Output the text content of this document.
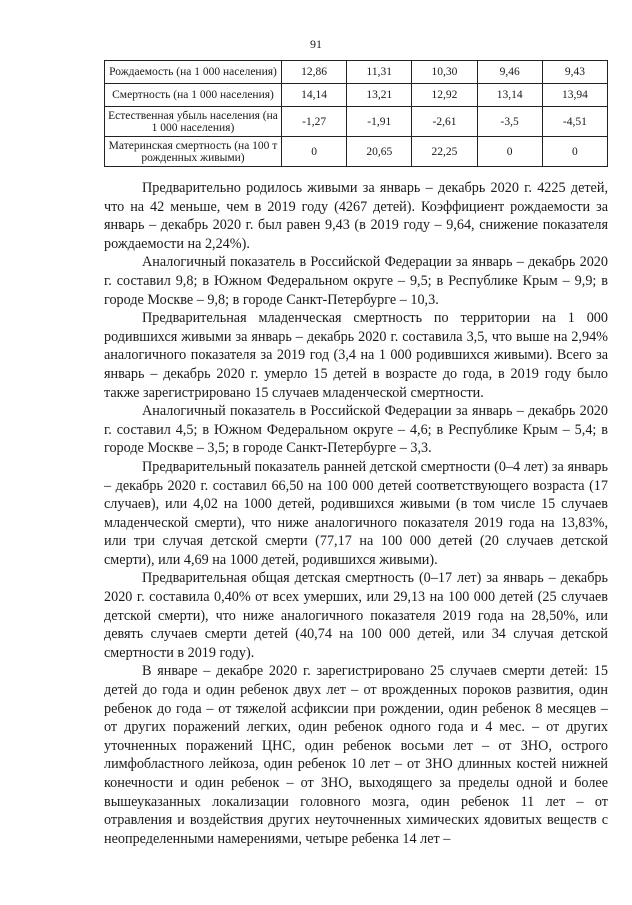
91
Рождаемость (на 1 000 населения)	12,86	11,31	10,30	9,46	9,43
Смертность (на 1 000 населения)	14,14	13,21	12,92	13,14	13,94
Естественная убыль населения (на 1 000 населения)	-1,27	-1,91	-2,61	-3,5	-4,51
Материнская смертность (на 100 т рожденных живыми)	0	20,65	22,25	0	0

Предварительно родилось живыми за январь – декабрь 2020 г. 4225 детей, что на 42 меньше, чем в 2019 году (4267 детей). Коэффициент рождаемости за январь – декабрь 2020 г. был равен 9,43 (в 2019 году – 9,64, снижение показателя рождаемости на 2,24%).

Аналогичный показатель в Российской Федерации за январь – декабрь 2020 г. составил 9,8; в Южном Федеральном округе – 9,5; в Республике Крым – 9,9; в городе Москве – 9,8; в городе Санкт-Петербурге – 10,3.

Предварительная младенческая смертность по территории на 1 000 родившихся живыми за январь – декабрь 2020 г. составила 3,5, что выше на 2,94% аналогичного показателя за 2019 год (3,4 на 1 000 родившихся живыми). Всего за январь – декабрь 2020 г. умерло 15 детей в возрасте до года, в 2019 году было также зарегистрировано 15 случаев младенческой смертности.

Аналогичный показатель в Российской Федерации за январь – декабрь 2020 г. составил 4,5; в Южном Федеральном округе – 4,6; в Республике Крым – 5,4; в городе Москве – 3,5; в городе Санкт-Петербурге – 3,3.

Предварительный показатель ранней детской смертности (0–4 лет) за январь – декабрь 2020 г. составил 66,50 на 100 000 детей соответствующего возраста (17 случаев), или 4,02 на 1000 детей, родившихся живыми (в том числе 15 случаев младенческой смерти), что ниже аналогичного показателя 2019 года на 13,83%, или три случая детской смерти (77,17 на 100 000 детей (20 случаев детской смерти), или 4,69 на 1000 детей, родившихся живыми).

Предварительная общая детская смертность (0–17 лет) за январь – декабрь 2020 г. составила 0,40% от всех умерших, или 29,13 на 100 000 детей (25 случаев детской смерти), что ниже аналогичного показателя 2019 года на 28,50%, или девять случаев смерти детей (40,74 на 100 000 детей, или 34 случая детской смертности в 2019 году).

В январе – декабре 2020 г. зарегистрировано 25 случаев смерти детей: 15 детей до года и один ребенок двух лет – от врожденных пороков развития, один ребенок до года – от тяжелой асфиксии при рождении, один ребенок 8 месяцев – от других поражений легких, один ребенок одного года и 4 мес. – от других уточненных поражений ЦНС, один ребенок восьми лет – от ЗНО, острого лимфобластного лейкоза, один ребенок 10 лет – от ЗНО длинных костей нижней конечности и один ребенок – от ЗНО, выходящего за пределы одной и более вышеуказанных локализации головного мозга, один ребенок 11 лет – от отравления и воздействия других неуточненных химических ядовитых веществ с неопределенными намерениями, четыре ребенка 14 лет –
